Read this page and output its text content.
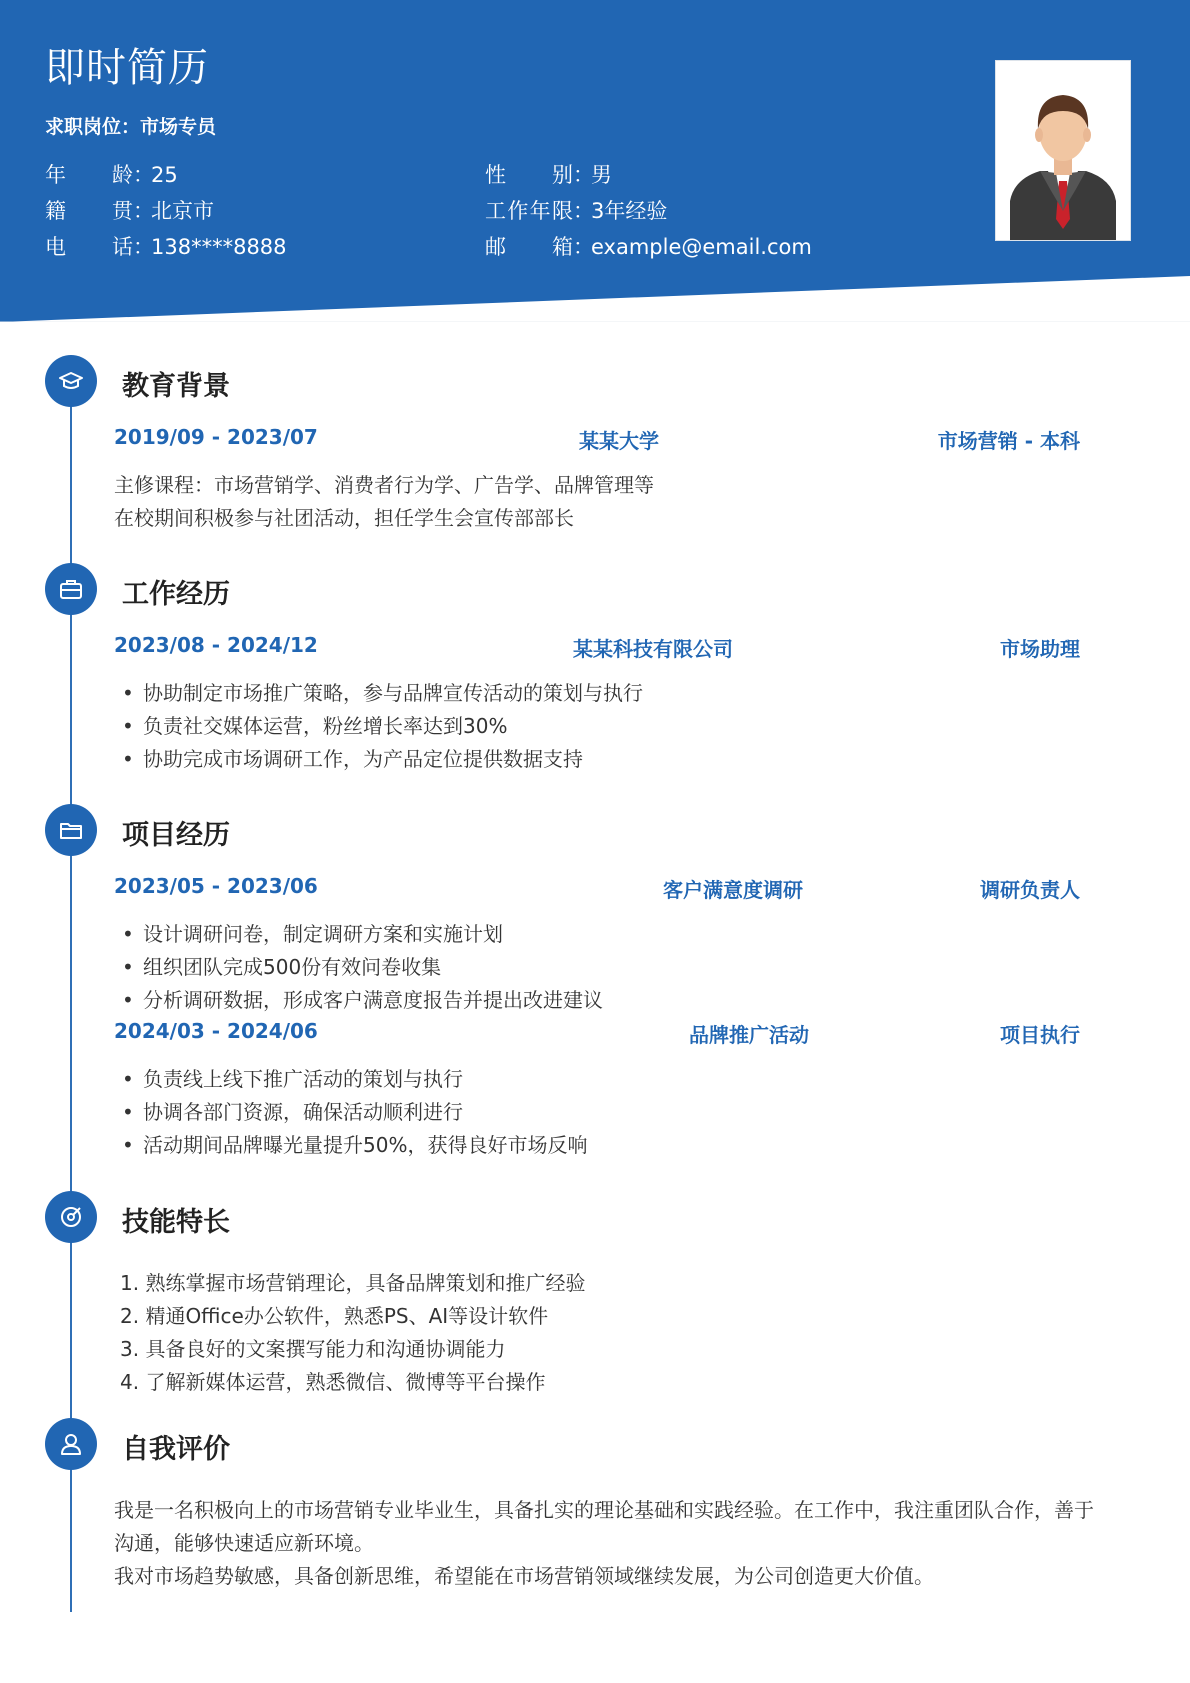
即时简历
求职岗位：市场专员
年龄：25	性别：男
籍贯：北京市	工作年限：3年经验
电话：138****8888	邮箱：example@email.com
教育背景
2019/09 - 2023/07	某某大学	市场营销 - 本科
主修课程：市场营销学、消费者行为学、广告学、品牌管理等
在校期间积极参与社团活动，担任学生会宣传部部长
工作经历
2023/08 - 2024/12	某某科技有限公司	市场助理
• 协助制定市场推广策略，参与品牌宣传活动的策划与执行
• 负责社交媒体运营，粉丝增长率达到30%
• 协助完成市场调研工作，为产品定位提供数据支持
项目经历
2023/05 - 2023/06	客户满意度调研	调研负责人
• 设计调研问卷，制定调研方案和实施计划
• 组织团队完成500份有效问卷收集
• 分析调研数据，形成客户满意度报告并提出改进建议
2024/03 - 2024/06	品牌推广活动	项目执行
• 负责线上线下推广活动的策划与执行
• 协调各部门资源，确保活动顺利进行
• 活动期间品牌曝光量提升50%，获得良好市场反响
技能特长
1. 熟练掌握市场营销理论，具备品牌策划和推广经验
2. 精通Office办公软件，熟悉PS、AI等设计软件
3. 具备良好的文案撰写能力和沟通协调能力
4. 了解新媒体运营，熟悉微信、微博等平台操作
自我评价
我是一名积极向上的市场营销专业毕业生，具备扎实的理论基础和实践经验。在工作中，我注重团队合作，善于
沟通，能够快速适应新环境。
我对市场趋势敏感，具备创新思维，希望能在市场营销领域继续发展，为公司创造更大价值。
